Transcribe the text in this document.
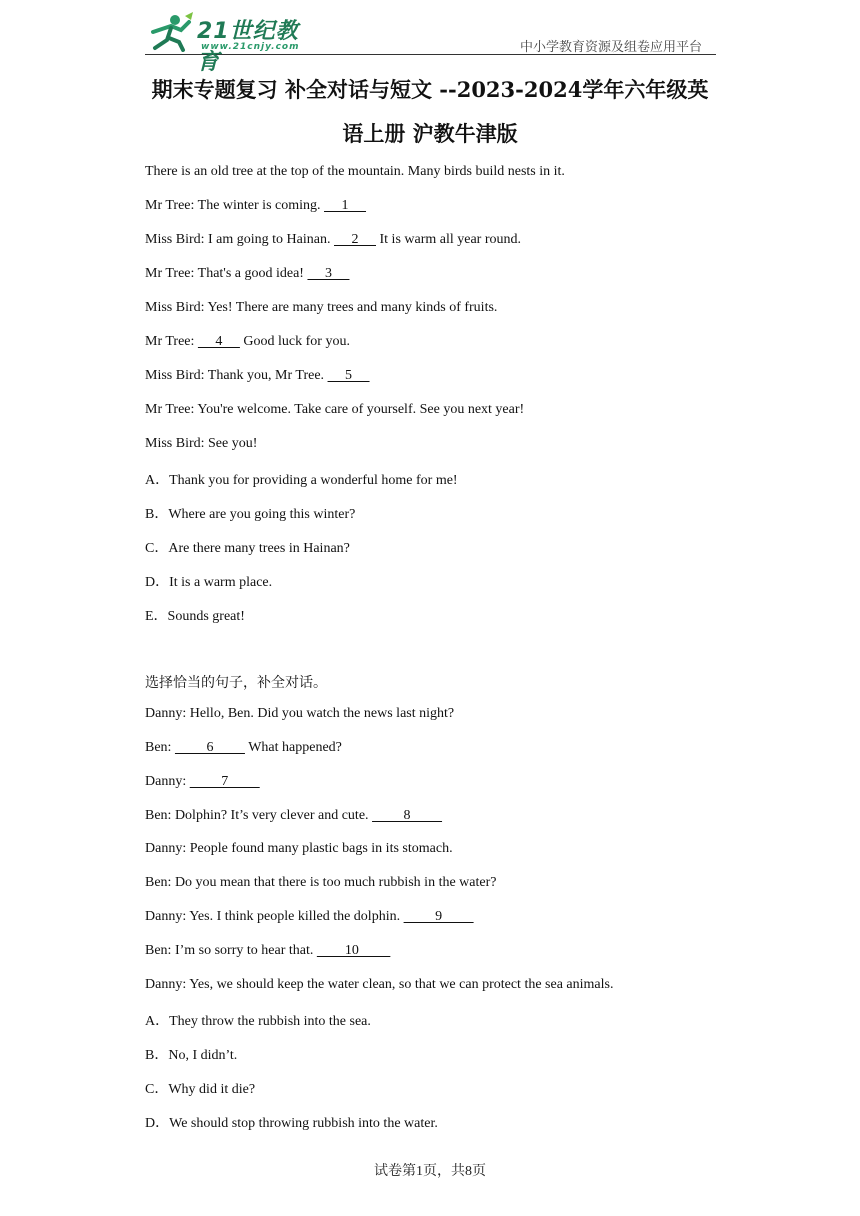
21世纪教育
www.21cnjy.com	中小学教育资源及组卷应用平台
期末专题复习 补全对话与短文 --2023-2024学年六年级英
语上册 沪教牛津版
There is an old tree at the top of the mountain. Many birds build nests in it.
Mr Tree: The winter is coming.      1
Miss Bird: I am going to Hainan.      2      It is warm all year round.
Mr Tree: That's a good idea!      3
Miss Bird: Yes! There are many trees and many kinds of fruits.
Mr Tree:      4      Good luck for you.
Miss Bird: Thank you, Mr Tree.      5
Mr Tree: You're welcome. Take care of yourself. See you next year!
Miss Bird: See you!
A．Thank you for providing a wonderful home for me!
B．Where are you going this winter?
C．Are there many trees in Hainan?
D．It is a warm place.
E．Sounds great!
选择恰当的句子，补全对话。
Danny: Hello, Ben. Did you watch the news last night?
Ben:          6          What happened?
Danny:          7
Ben: Dolphin? It’s very clever and cute.          8
Danny: People found many plastic bags in its stomach.
Ben: Do you mean that there is too much rubbish in the water?
Danny: Yes. I think people killed the dolphin.          9
Ben: I’m so sorry to hear that.         10
Danny: Yes, we should keep the water clean, so that we can protect the sea animals.
A．They throw the rubbish into the sea.
B．No, I didn’t.
C．Why did it die?
D．We should stop throwing rubbish into the water.
试卷第1页，共8页
